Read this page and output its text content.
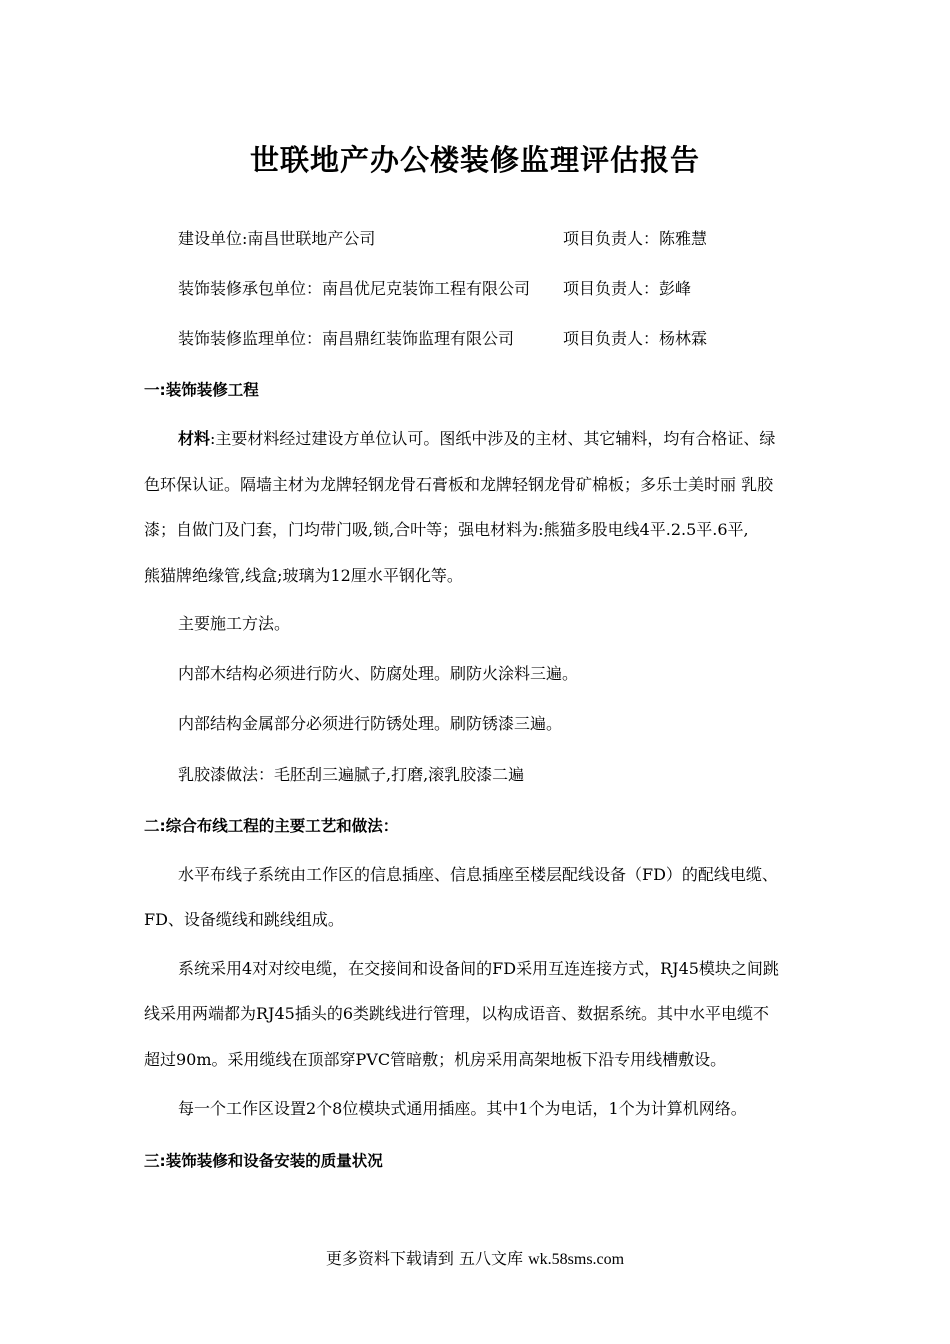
世联地产办公楼装修监理评估报告
建设单位:南昌世联地产公司	项目负责人：陈雅慧
装饰装修承包单位：南昌优尼克装饰工程有限公司 项目负责人：彭峰
装饰装修监理单位：南昌鼎红装饰监理有限公司	项目负责人：杨林霖
一:装饰装修工程
材料:主要材料经过建设方单位认可。图纸中涉及的主材、其它辅料，均有合格证、绿
色环保认证。隔墙主材为龙牌轻钢龙骨石膏板和龙牌轻钢龙骨矿棉板；多乐士美时丽 乳胶
漆；自做门及门套，门均带门吸,锁,合叶等；强电材料为:熊猫多股电线4平.2.5平.6平,
熊猫牌绝缘管,线盒;玻璃为12厘水平钢化等。
主要施工方法。
内部木结构必须进行防火、防腐处理。刷防火涂料三遍。
内部结构金属部分必须进行防锈处理。刷防锈漆三遍。
乳胶漆做法：毛胚刮三遍腻子,打磨,滚乳胶漆二遍
二:综合布线工程的主要工艺和做法：
水平布线子系统由工作区的信息插座、信息插座至楼层配线设备（FD）的配线电缆、
FD、设备缆线和跳线组成。
系统采用4对对绞电缆，在交接间和设备间的FD采用互连连接方式，RJ45模块之间跳
线采用两端都为RJ45插头的6类跳线进行管理，以构成语音、数据系统。其中水平电缆不
超过90m。采用缆线在顶部穿PVC管暗敷；机房采用高架地板下沿专用线槽敷设。
每一个工作区设置2个8位模块式通用插座。其中1个为电话，1个为计算机网络。
三:装饰装修和设备安装的质量状况
更多资料下载请到 五八文库 wk.58sms.com
